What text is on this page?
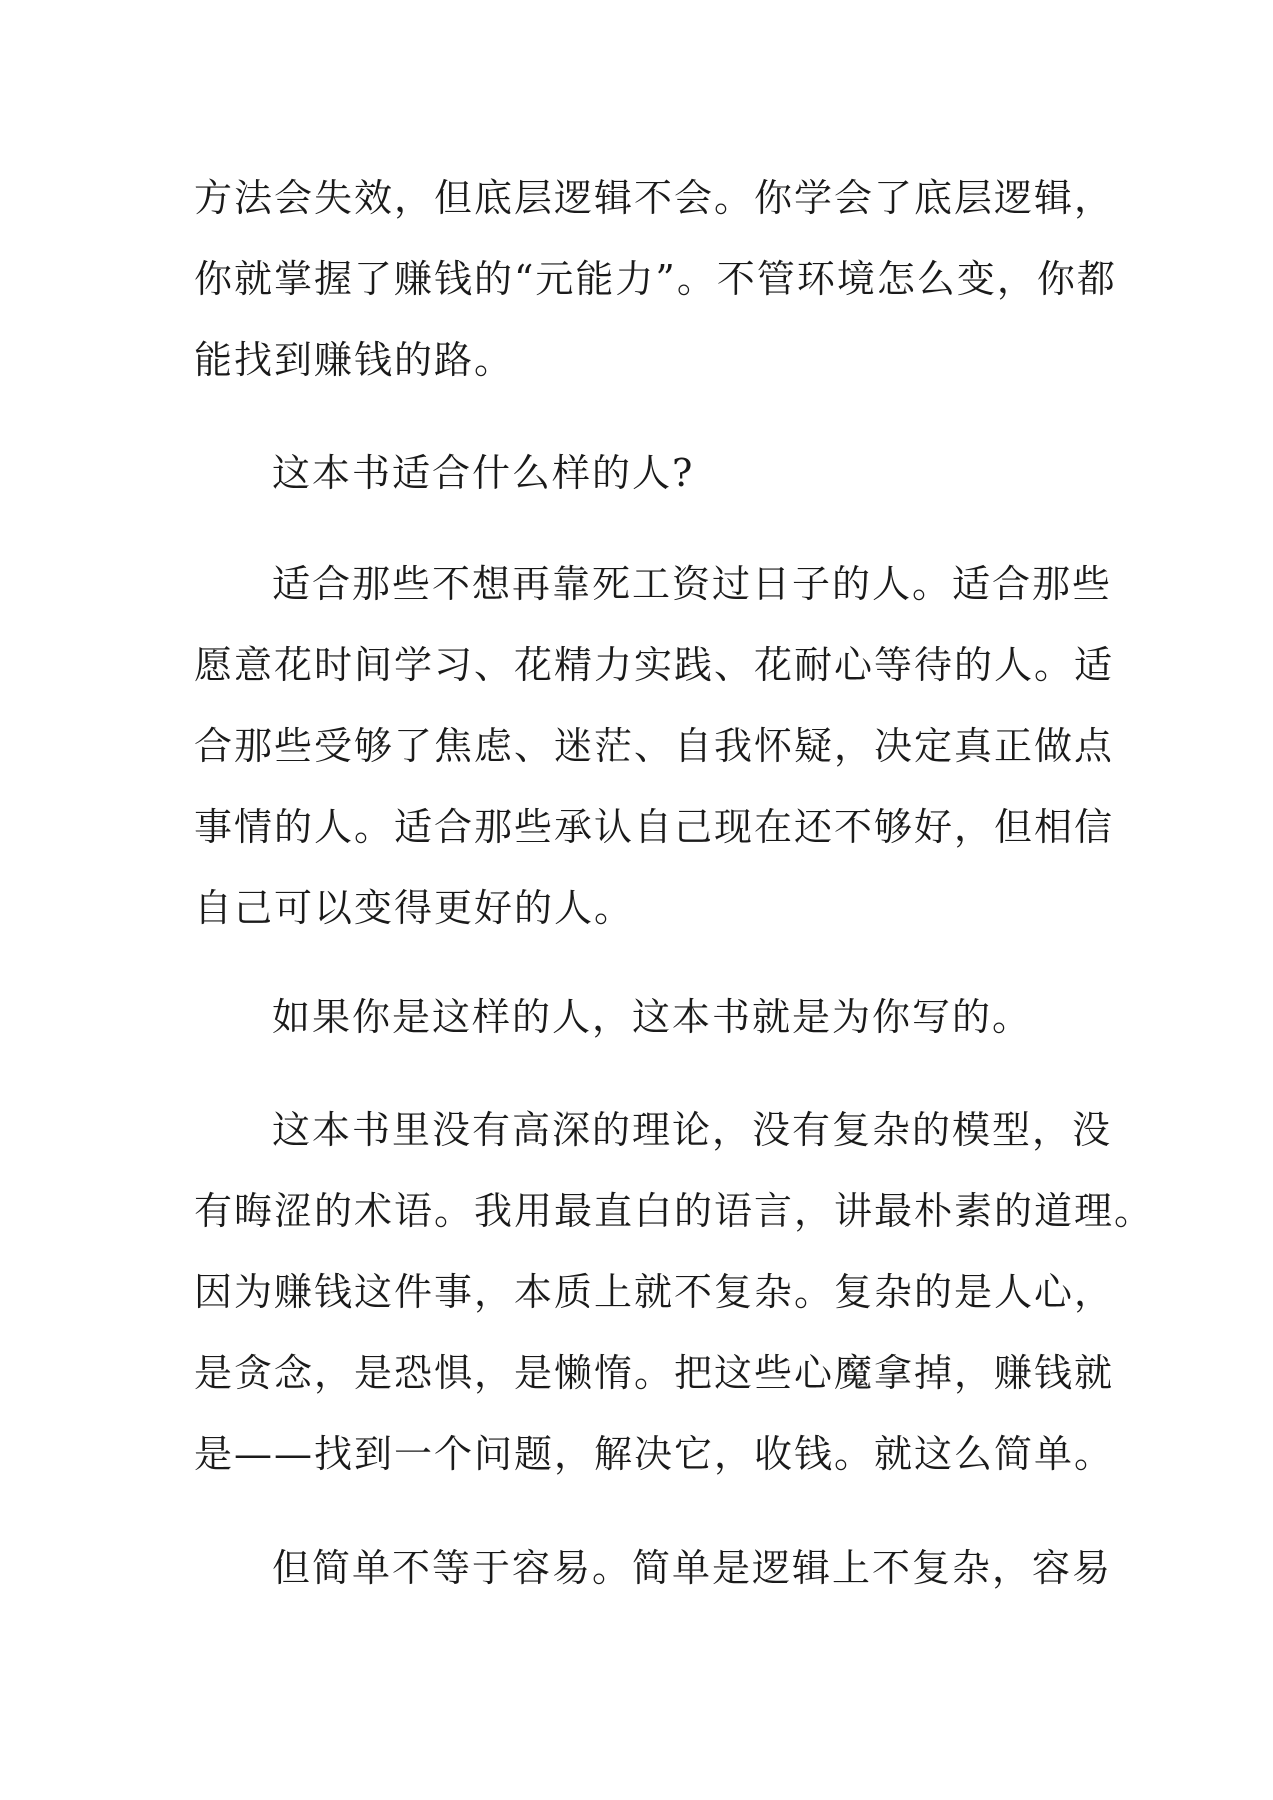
方法会失效，但底层逻辑不会。你学会了底层逻辑，
你就掌握了赚钱的“元能力”。不管环境怎么变，你都
能找到赚钱的路。
这本书适合什么样的人?
适合那些不想再靠死工资过日子的人。适合那些
愿意花时间学习、花精力实践、花耐心等待的人。适
合那些受够了焦虑、迷茫、自我怀疑，决定真正做点
事情的人。适合那些承认自己现在还不够好，但相信
自己可以变得更好的人。
如果你是这样的人，这本书就是为你写的。
这本书里没有高深的理论，没有复杂的模型，没
有晦涩的术语。我用最直白的语言，讲最朴素的道理。
因为赚钱这件事，本质上就不复杂。复杂的是人心，
是贪念，是恐惧，是懒惰。把这些心魔拿掉，赚钱就
是——找到一个问题，解决它，收钱。就这么简单。
但简单不等于容易。简单是逻辑上不复杂，容易
